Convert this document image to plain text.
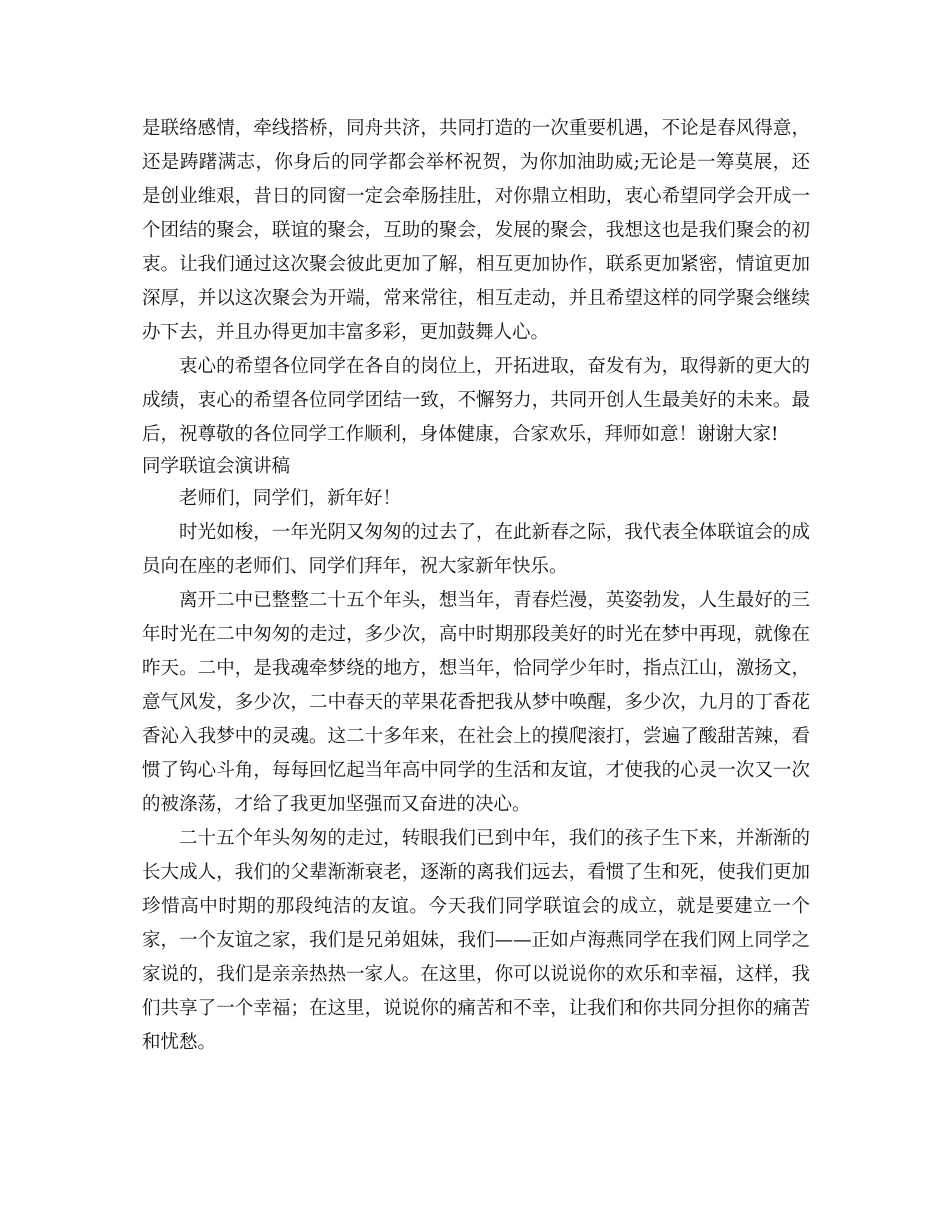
是联络感情，牵线搭桥，同舟共济，共同打造的一次重要机遇，不论是春风得意，还是踌躇满志，你身后的同学都会举杯祝贺，为你加油助威;无论是一筹莫展，还是创业维艰，昔日的同窗一定会牵肠挂肚，对你鼎立相助，衷心希望同学会开成一个团结的聚会，联谊的聚会，互助的聚会，发展的聚会，我想这也是我们聚会的初衷。让我们通过这次聚会彼此更加了解，相互更加协作，联系更加紧密，情谊更加深厚，并以这次聚会为开端，常来常往，相互走动，并且希望这样的同学聚会继续办下去，并且办得更加丰富多彩，更加鼓舞人心。

衷心的希望各位同学在各自的岗位上，开拓进取，奋发有为，取得新的更大的成绩，衷心的希望各位同学团结一致，不懈努力，共同开创人生最美好的未来。最后，祝尊敬的各位同学工作顺利，身体健康，合家欢乐，拜师如意！谢谢大家!

同学联谊会演讲稿

老师们，同学们，新年好！

时光如梭，一年光阴又匆匆的过去了，在此新春之际，我代表全体联谊会的成员向在座的老师们、同学们拜年，祝大家新年快乐。

离开二中已整整二十五个年头，想当年，青春烂漫，英姿勃发，人生最好的三年时光在二中匆匆的走过，多少次，高中时期那段美好的时光在梦中再现，就像在昨天。二中，是我魂牵梦绕的地方，想当年，恰同学少年时，指点江山，激扬文，意气风发，多少次，二中春天的苹果花香把我从梦中唤醒，多少次，九月的丁香花香沁入我梦中的灵魂。这二十多年来，在社会上的摸爬滚打，尝遍了酸甜苦辣，看惯了钩心斗角，每每回忆起当年高中同学的生活和友谊，才使我的心灵一次又一次的被涤荡，才给了我更加坚强而又奋进的决心。

二十五个年头匆匆的走过，转眼我们已到中年，我们的孩子生下来，并渐渐的长大成人，我们的父辈渐渐衰老，逐渐的离我们远去，看惯了生和死，使我们更加珍惜高中时期的那段纯洁的友谊。今天我们同学联谊会的成立，就是要建立一个家，一个友谊之家，我们是兄弟姐妹，我们——正如卢海燕同学在我们网上同学之家说的，我们是亲亲热热一家人。在这里，你可以说说你的欢乐和幸福，这样，我们共享了一个幸福；在这里，说说你的痛苦和不幸，让我们和你共同分担你的痛苦和忧愁。
